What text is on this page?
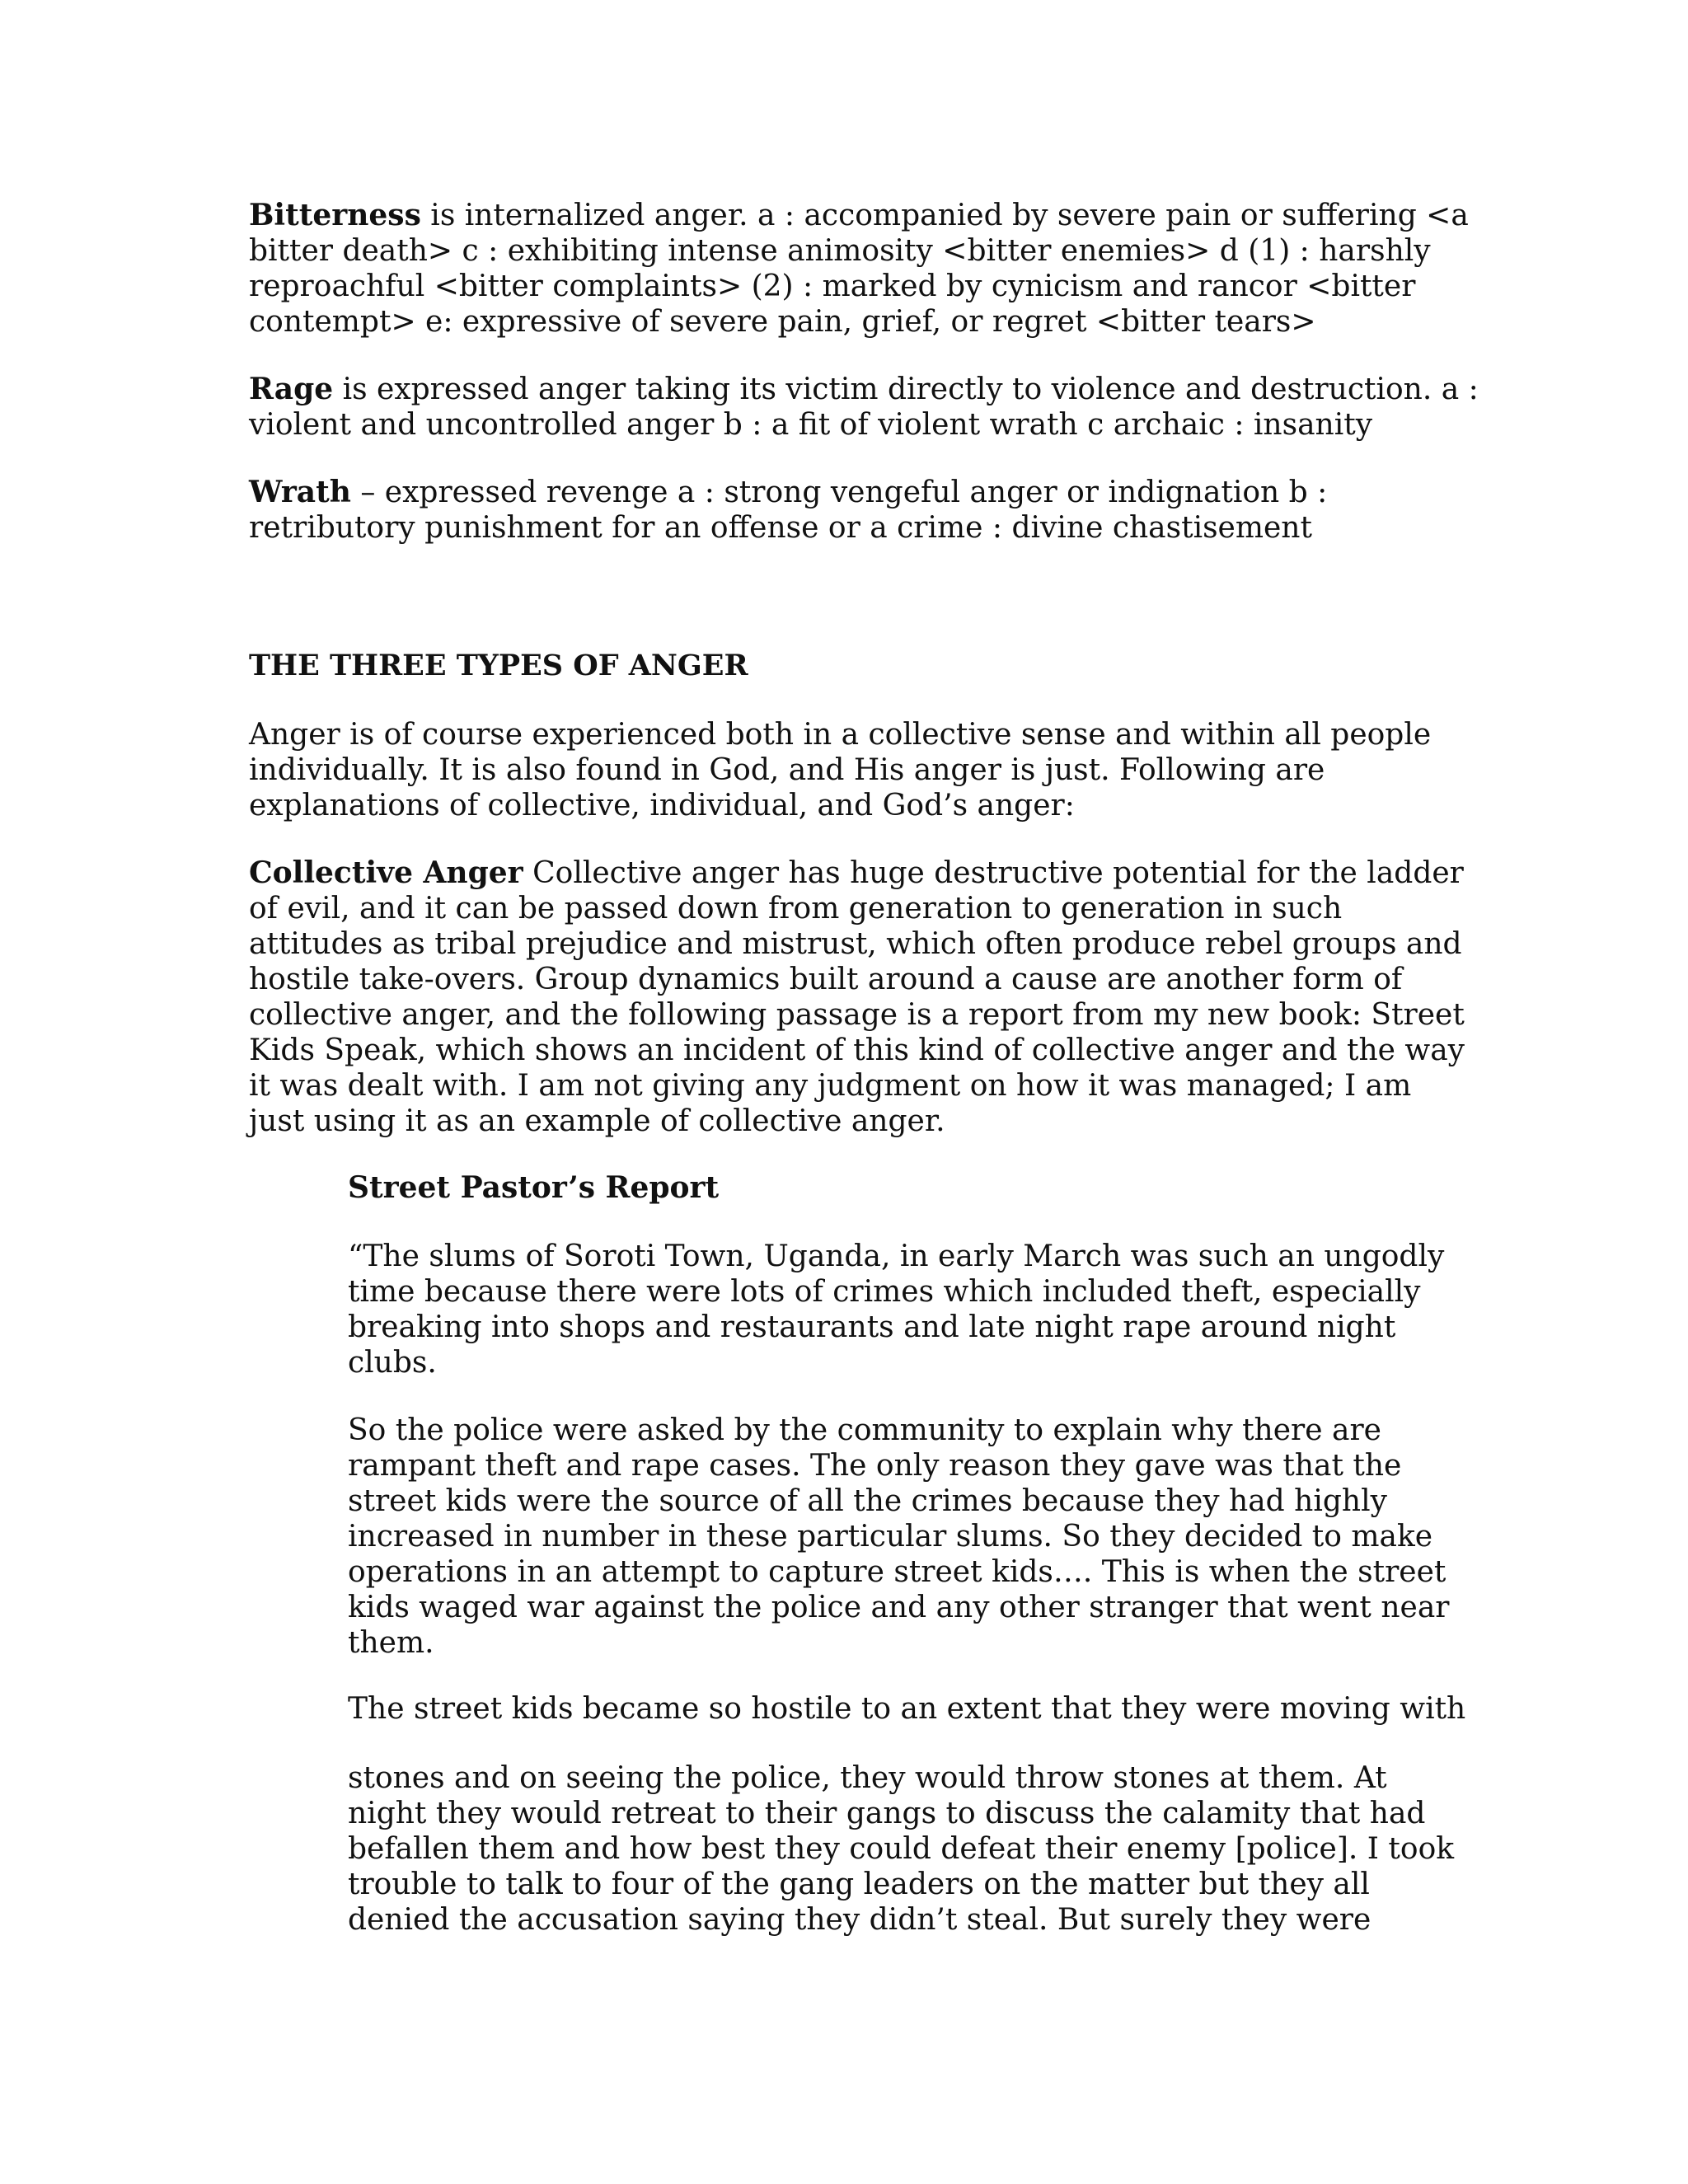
Bitterness is internalized anger. a : accompanied by severe pain or suffering <a
bitter death> c : exhibiting intense animosity <bitter enemies> d (1) : harshly
reproachful <bitter complaints> (2) : marked by cynicism and rancor <bitter
contempt> e: expressive of severe pain, grief, or regret <bitter tears>

Rage is expressed anger taking its victim directly to violence and destruction. a :
violent and uncontrolled anger b : a fit of violent wrath c archaic : insanity

Wrath – expressed revenge a : strong vengeful anger or indignation b :
retributory punishment for an offense or a crime : divine chastisement

THE THREE TYPES OF ANGER

Anger is of course experienced both in a collective sense and within all people
individually. It is also found in God, and His anger is just. Following are
explanations of collective, individual, and God’s anger:

Collective Anger Collective anger has huge destructive potential for the ladder
of evil, and it can be passed down from generation to generation in such
attitudes as tribal prejudice and mistrust, which often produce rebel groups and
hostile take-overs. Group dynamics built around a cause are another form of
collective anger, and the following passage is a report from my new book: Street
Kids Speak, which shows an incident of this kind of collective anger and the way
it was dealt with. I am not giving any judgment on how it was managed; I am
just using it as an example of collective anger.

Street Pastor’s Report

“The slums of Soroti Town, Uganda, in early March was such an ungodly
time because there were lots of crimes which included theft, especially
breaking into shops and restaurants and late night rape around night
clubs.

So the police were asked by the community to explain why there are
rampant theft and rape cases. The only reason they gave was that the
street kids were the source of all the crimes because they had highly
increased in number in these particular slums. So they decided to make
operations in an attempt to capture street kids…. This is when the street
kids waged war against the police and any other stranger that went near
them.

The street kids became so hostile to an extent that they were moving with

stones and on seeing the police, they would throw stones at them. At
night they would retreat to their gangs to discuss the calamity that had
befallen them and how best they could defeat their enemy [police]. I took
trouble to talk to four of the gang leaders on the matter but they all
denied the accusation saying they didn’t steal. But surely they were
